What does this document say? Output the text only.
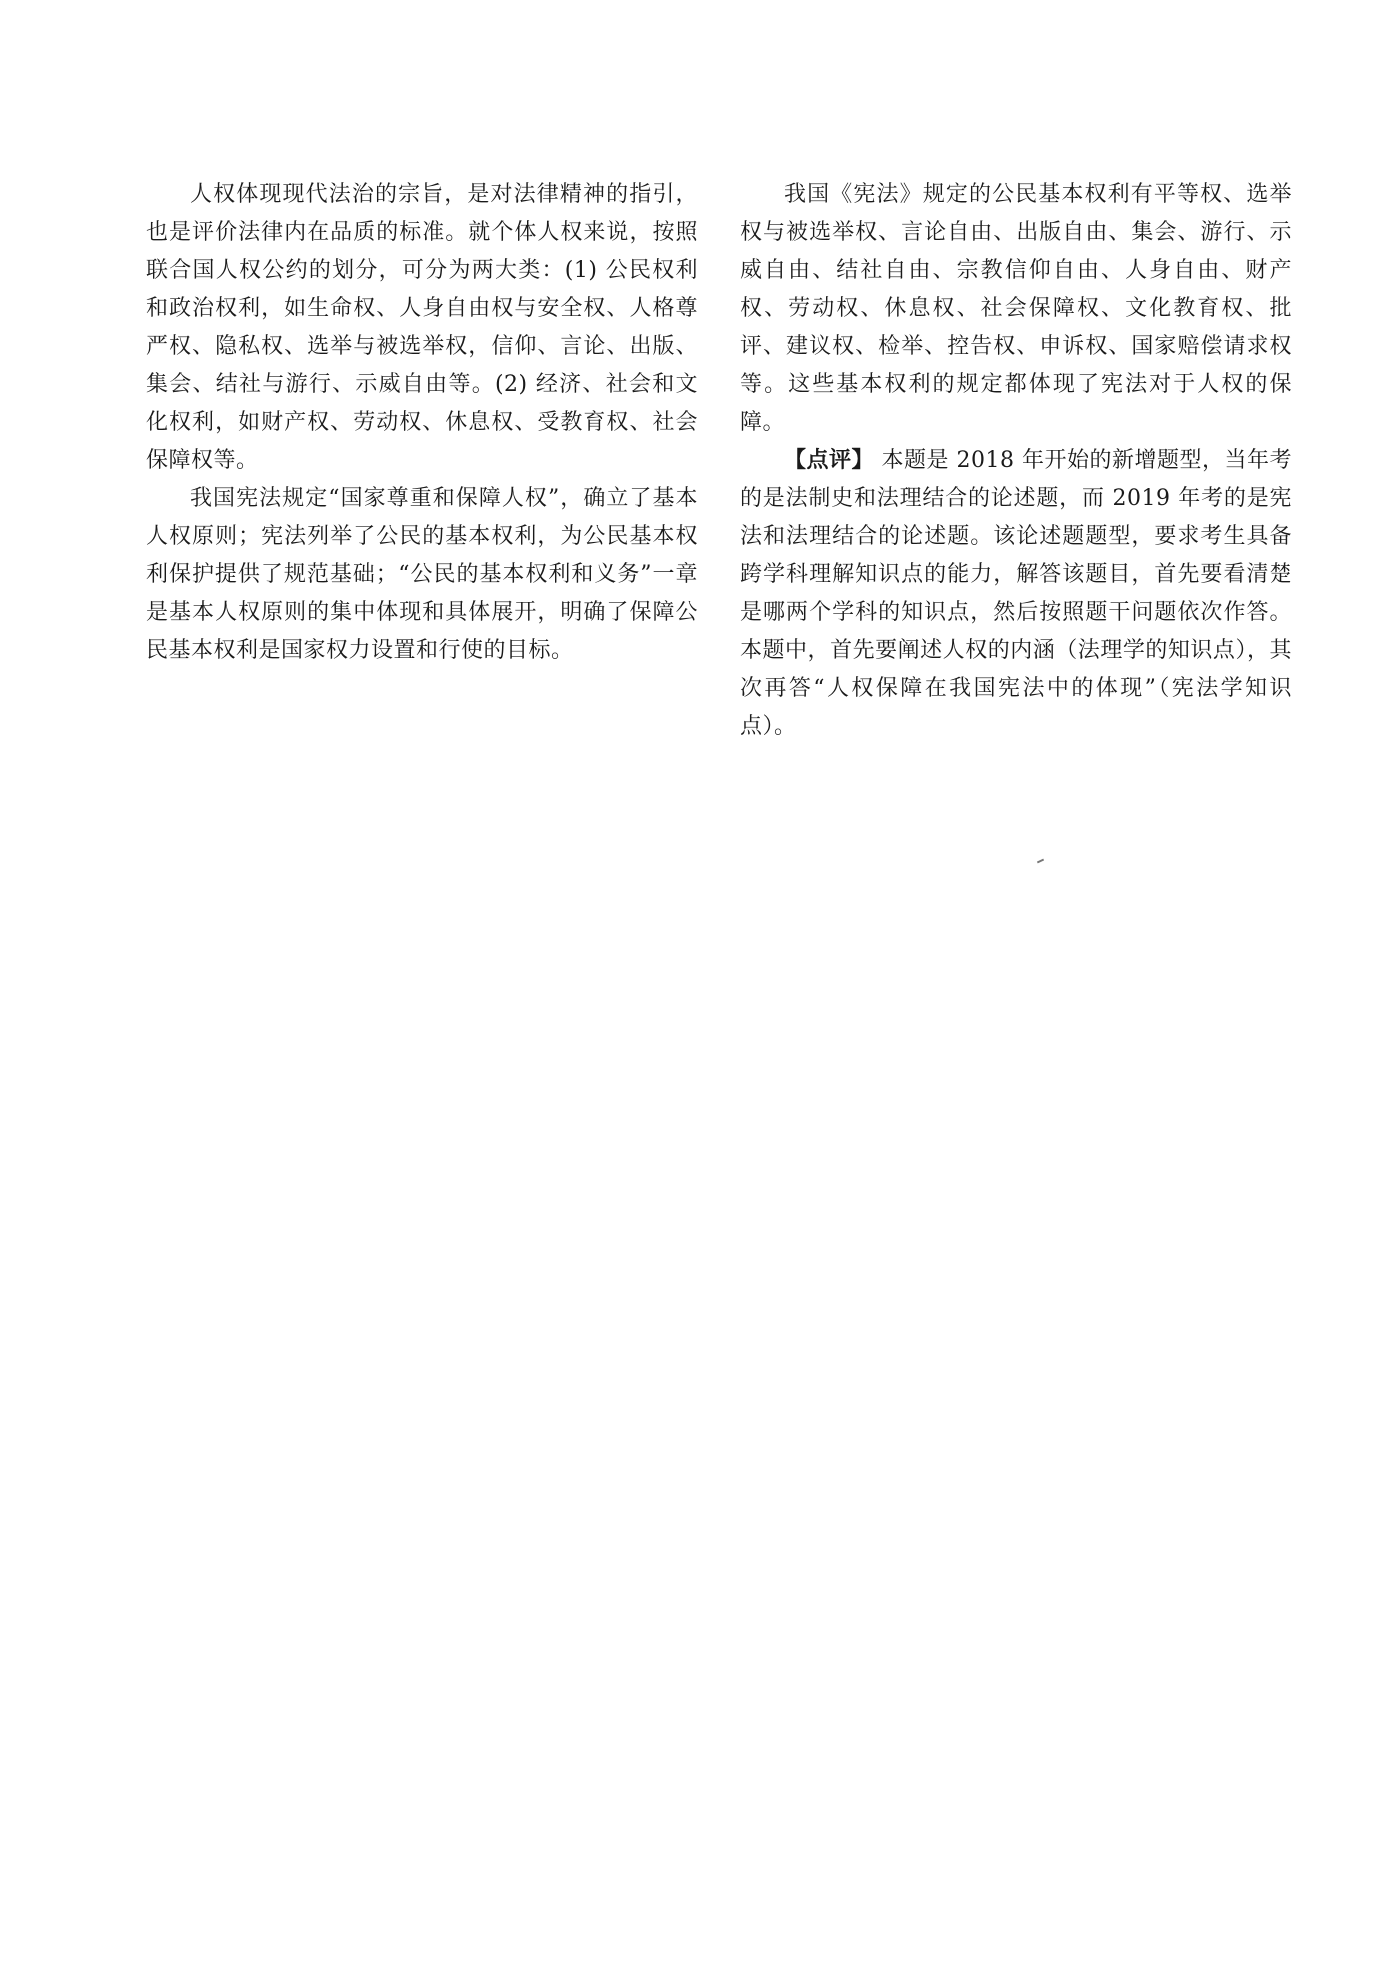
人权体现现代法治的宗旨，是对法律精神的指引，也是评价法律内在品质的标准。就个体人权来说，按照联合国人权公约的划分，可分为两大类：(1) 公民权利和政治权利，如生命权、人身自由权与安全权、人格尊严权、隐私权、选举与被选举权，信仰、言论、出版、集会、结社与游行、示威自由等。(2) 经济、社会和文化权利，如财产权、劳动权、休息权、受教育权、社会保障权等。

我国宪法规定“国家尊重和保障人权”，确立了基本人权原则；宪法列举了公民的基本权利，为公民基本权利保护提供了规范基础；“公民的基本权利和义务”一章是基本人权原则的集中体现和具体展开，明确了保障公民基本权利是国家权力设置和行使的目标。

我国《宪法》规定的公民基本权利有平等权、选举权与被选举权、言论自由、出版自由、集会、游行、示威自由、结社自由、宗教信仰自由、人身自由、财产权、劳动权、休息权、社会保障权、文化教育权、批评、建议权、检举、控告权、申诉权、国家赔偿请求权等。这些基本权利的规定都体现了宪法对于人权的保障。

【点评】 本题是 2018 年开始的新增题型，当年考的是法制史和法理结合的论述题，而 2019 年考的是宪法和法理结合的论述题。该论述题题型，要求考生具备跨学科理解知识点的能力，解答该题目，首先要看清楚是哪两个学科的知识点，然后按照题干问题依次作答。本题中，首先要阐述人权的内涵（法理学的知识点），其次再答“人权保障在我国宪法中的体现”（宪法学知识点）。
